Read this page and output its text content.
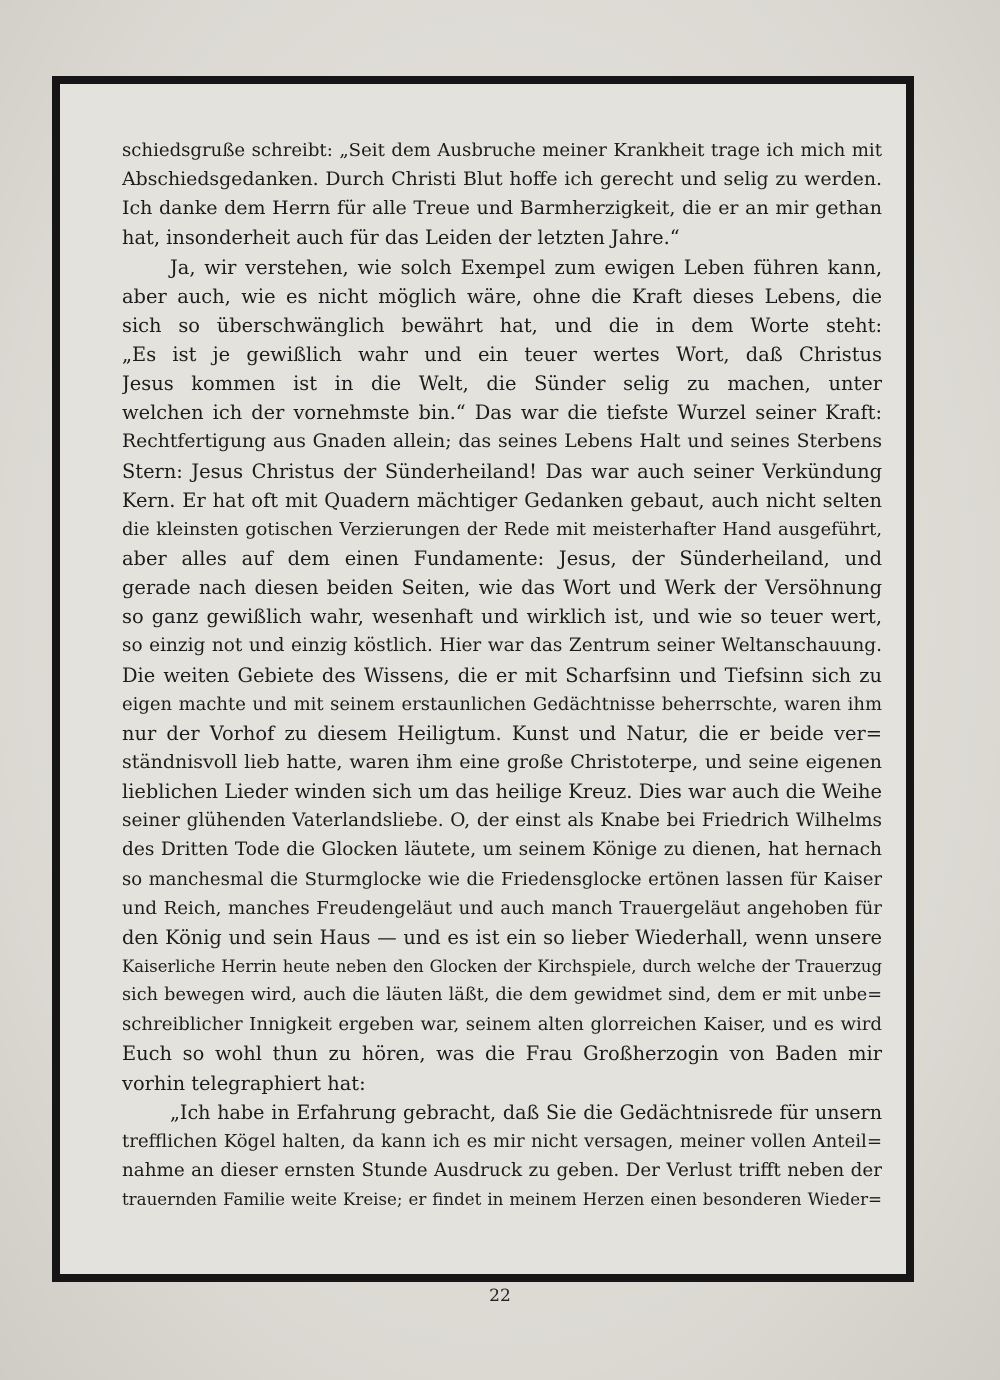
schiedsgruße schreibt: „Seit dem Ausbruche meiner Krankheit trage ich mich mit
Abschiedsgedanken. Durch Christi Blut hoffe ich gerecht und selig zu werden.
Ich danke dem Herrn für alle Treue und Barmherzigkeit, die er an mir gethan
hat, insonderheit auch für das Leiden der letzten Jahre.“
Ja, wir verstehen, wie solch Exempel zum ewigen Leben führen kann,
aber auch, wie es nicht möglich wäre, ohne die Kraft dieses Lebens, die
sich so überschwänglich bewährt hat, und die in dem Worte steht:
„Es ist je gewißlich wahr und ein teuer wertes Wort, daß Christus
Jesus kommen ist in die Welt, die Sünder selig zu machen, unter
welchen ich der vornehmste bin.“ Das war die tiefste Wurzel seiner Kraft:
Rechtfertigung aus Gnaden allein; das seines Lebens Halt und seines Sterbens
Stern: Jesus Christus der Sünderheiland! Das war auch seiner Verkündung
Kern. Er hat oft mit Quadern mächtiger Gedanken gebaut, auch nicht selten
die kleinsten gotischen Verzierungen der Rede mit meisterhafter Hand ausgeführt,
aber alles auf dem einen Fundamente: Jesus, der Sünderheiland, und
gerade nach diesen beiden Seiten, wie das Wort und Werk der Versöhnung
so ganz gewißlich wahr, wesenhaft und wirklich ist, und wie so teuer wert,
so einzig not und einzig köstlich. Hier war das Zentrum seiner Weltanschauung.
Die weiten Gebiete des Wissens, die er mit Scharfsinn und Tiefsinn sich zu
eigen machte und mit seinem erstaunlichen Gedächtnisse beherrschte, waren ihm
nur der Vorhof zu diesem Heiligtum. Kunst und Natur, die er beide ver=
ständnisvoll lieb hatte, waren ihm eine große Christoterpe, und seine eigenen
lieblichen Lieder winden sich um das heilige Kreuz. Dies war auch die Weihe
seiner glühenden Vaterlandsliebe. O, der einst als Knabe bei Friedrich Wilhelms
des Dritten Tode die Glocken läutete, um seinem Könige zu dienen, hat hernach
so manchesmal die Sturmglocke wie die Friedensglocke ertönen lassen für Kaiser
und Reich, manches Freudengeläut und auch manch Trauergeläut angehoben für
den König und sein Haus — und es ist ein so lieber Wiederhall, wenn unsere
Kaiserliche Herrin heute neben den Glocken der Kirchspiele, durch welche der Trauerzug
sich bewegen wird, auch die läuten läßt, die dem gewidmet sind, dem er mit unbe=
schreiblicher Innigkeit ergeben war, seinem alten glorreichen Kaiser, und es wird
Euch so wohl thun zu hören, was die Frau Großherzogin von Baden mir
vorhin telegraphiert hat:
„Ich habe in Erfahrung gebracht, daß Sie die Gedächtnisrede für unsern
trefflichen Kögel halten, da kann ich es mir nicht versagen, meiner vollen Anteil=
nahme an dieser ernsten Stunde Ausdruck zu geben. Der Verlust trifft neben der
trauernden Familie weite Kreise; er findet in meinem Herzen einen besonderen Wieder=
22
